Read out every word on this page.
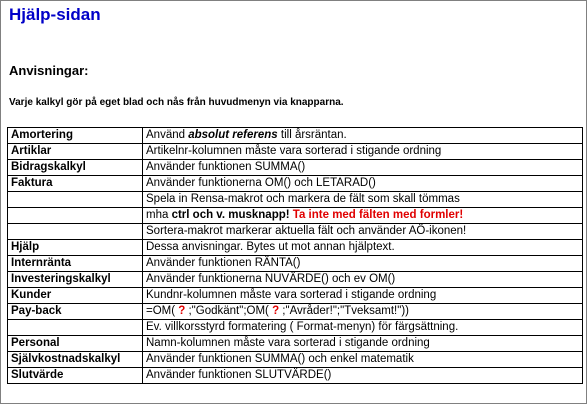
Hjälp-sidan
Anvisningar:
Varje kalkyl gör på eget blad och nås från huvudmenyn via knapparna.
Amortering	Använd absolut referens till årsräntan.
Artiklar	Artikelnr-kolumnen måste vara sorterad i stigande ordning
Bidragskalkyl	Använder funktionen SUMMA()
Faktura	Använder funktionerna OM() och LETARAD()
	Spela in Rensa-makrot och markera de fält som skall tömmas
	mha ctrl och v. musknapp! Ta inte med fälten med formler!
	Sortera-makrot markerar aktuella fält och använder AÖ-ikonen!
Hjälp	Dessa anvisningar. Bytes ut mot annan hjälptext.
Internränta	Använder funktionen RÄNTA()
Investeringskalkyl	Använder funktionerna NUVÄRDE() och ev OM()
Kunder	Kundnr-kolumnen måste vara sorterad i stigande ordning
Pay-back	=OM( ? ;"Godkänt";OM( ? ;"Avråder!";"Tveksamt!"))
	Ev. villkorsstyrd formatering ( Format-menyn) för färgsättning.
Personal	Namn-kolumnen måste vara sorterad i stigande ordning
Självkostnadskalkyl	Använder funktionen SUMMA() och enkel matematik
Slutvärde	Använder funktionen SLUTVÄRDE()
